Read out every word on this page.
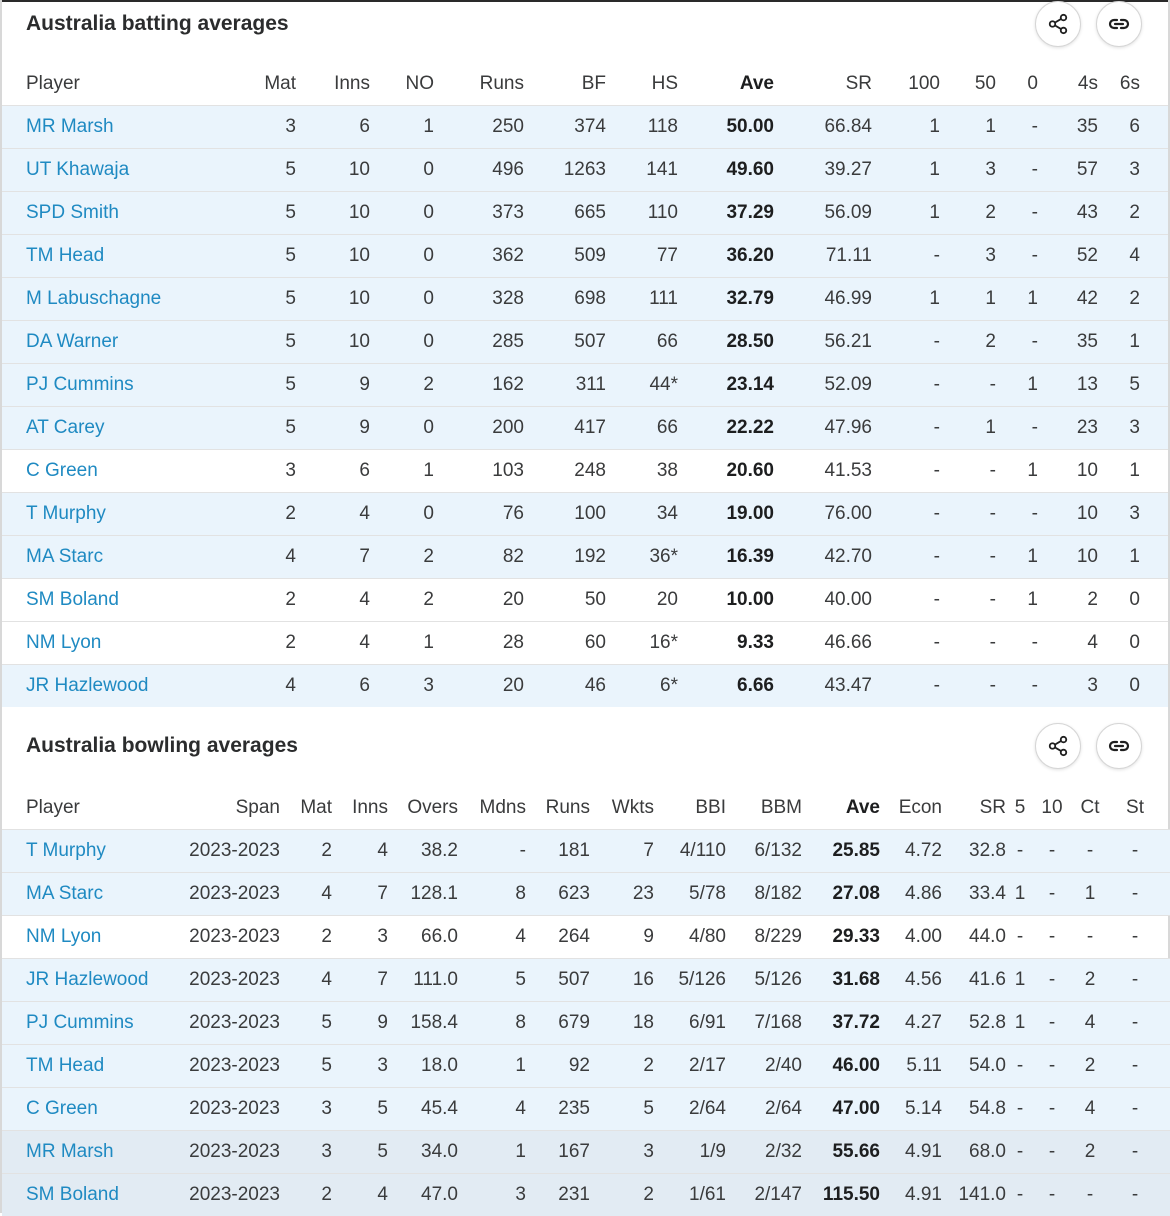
Australia batting averages
Player	Mat	Inns	NO	Runs	BF	HS	Ave	SR	100	50	0	4s	6s
MR Marsh	3	6	1	250	374	118	50.00	66.84	1	1	-	35	6
UT Khawaja	5	10	0	496	1263	141	49.60	39.27	1	3	-	57	3
SPD Smith	5	10	0	373	665	110	37.29	56.09	1	2	-	43	2
TM Head	5	10	0	362	509	77	36.20	71.11	-	3	-	52	4
M Labuschagne	5	10	0	328	698	111	32.79	46.99	1	1	1	42	2
DA Warner	5	10	0	285	507	66	28.50	56.21	-	2	-	35	1
PJ Cummins	5	9	2	162	311	44*	23.14	52.09	-	-	1	13	5
AT Carey	5	9	0	200	417	66	22.22	47.96	-	1	-	23	3
C Green	3	6	1	103	248	38	20.60	41.53	-	-	1	10	1
T Murphy	2	4	0	76	100	34	19.00	76.00	-	-	-	10	3
MA Starc	4	7	2	82	192	36*	16.39	42.70	-	-	1	10	1
SM Boland	2	4	2	20	50	20	10.00	40.00	-	-	1	2	0
NM Lyon	2	4	1	28	60	16*	9.33	46.66	-	-	-	4	0
JR Hazlewood	4	6	3	20	46	6*	6.66	43.47	-	-	-	3	0
Australia bowling averages
Player	Span	Mat	Inns	Overs	Mdns	Runs	Wkts	BBI	BBM	Ave	Econ	SR	5	10	Ct	St
T Murphy	2023-2023	2	4	38.2	-	181	7	4/110	6/132	25.85	4.72	32.8	-	-	-	-
MA Starc	2023-2023	4	7	128.1	8	623	23	5/78	8/182	27.08	4.86	33.4	1	-	1	-
NM Lyon	2023-2023	2	3	66.0	4	264	9	4/80	8/229	29.33	4.00	44.0	-	-	-	-
JR Hazlewood	2023-2023	4	7	111.0	5	507	16	5/126	5/126	31.68	4.56	41.6	1	-	2	-
PJ Cummins	2023-2023	5	9	158.4	8	679	18	6/91	7/168	37.72	4.27	52.8	1	-	4	-
TM Head	2023-2023	5	3	18.0	1	92	2	2/17	2/40	46.00	5.11	54.0	-	-	2	-
C Green	2023-2023	3	5	45.4	4	235	5	2/64	2/64	47.00	5.14	54.8	-	-	4	-
MR Marsh	2023-2023	3	5	34.0	1	167	3	1/9	2/32	55.66	4.91	68.0	-	-	2	-
SM Boland	2023-2023	2	4	47.0	3	231	2	1/61	2/147	115.50	4.91	141.0	-	-	-	-
